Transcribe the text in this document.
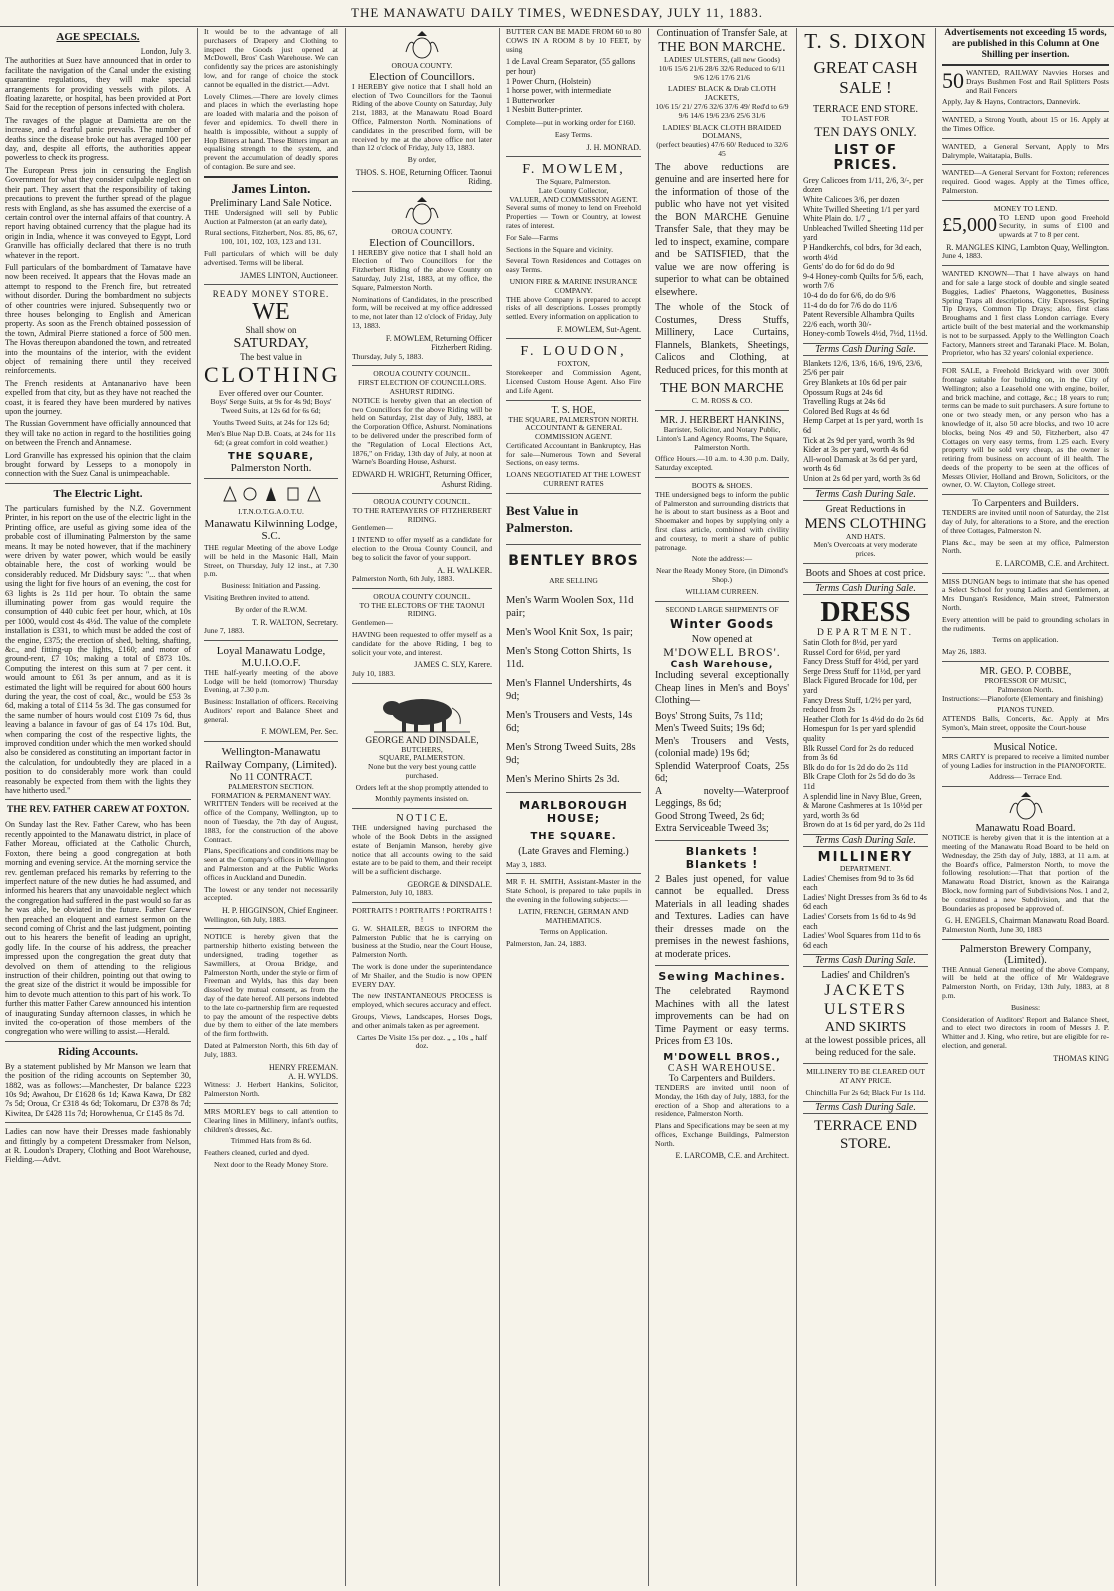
THE MANAWATU DAILY TIMES, WEDNESDAY, JULY 11, 1883.
AGE SPECIALS.

London, July 3.

The authorities at Suez have announced that in order to facilitate the navigation of the Canal under the existing quarantine regulations, they will make special arrangements for providing vessels with pilots. A floating lazarette, or hospital, has been provided at Port Said for the reception of persons infected with cholera.

The ravages of the plague at Damietta are on the increase, and a fearful panic prevails. The number of deaths since the disease broke out has averaged 100 per day, and, despite all efforts, the authorities appear powerless to check its progress.

The European Press join in censuring the English Government for what they consider culpable neglect on their part. They assert that the responsibility of taking precautions to prevent the further spread of the plague rests with England, as she has assumed the exercise of a certain control over the internal affairs of that country. A report having obtained currency that the plague had its origin in India, whence it was conveyed to Egypt, Lord Granville has officially declared that there is no truth whatever in the report.

Full particulars of the bombardment of Tamatave have now been received. It appears that the Hovas made an attempt to respond to the French fire, but retreated without disorder. During the bombardment no subjects of other countries were injured. Subsequently two or three houses belonging to English and American property. As soon as the French obtained possession of the town, Admiral Pierre stationed a force of 500 men. The Hovas thereupon abandoned the town, and retreated into the mountains of the interior, with the evident object of remaining there until they received reinforcements.

The French residents at Antananarivo have been expelled from that city, but as they have not reached the coast, it is feared they have been murdered by natives upon the journey.

The Russian Government have officially announced that they will take no action in regard to the hostilities going on between the French and Annamese.

Lord Granville has expressed his opinion that the claim brought forward by Lesseps to a monopoly in connection with the Suez Canal is unimpeachable.

The Electric Light.

The particulars furnished by the N.Z. Government Printer, in his report on the use of the electric light in the Printing office, are useful as giving some idea of the probable cost of illuminating Palmerston by the same means. It may be noted however, that if the machinery were driven by water power, which would be easily obtainable here, the cost of working would be considerably reduced. Mr Didsbury says: "... that when using the light for five hours of an evening, the cost for 63 lights is 2s 11d per hour. To obtain the same illuminating power from gas would require the consumption of 440 cubic feet per hour, which, at 10s per 1000, would cost 4s 4½d. The value of the complete installation is £331, to which must be added the cost of the engine, £375; the erection of shed, belting, shafting, &c., and fitting-up the lights, £160; and motor of ground-rent, £7 10s; making a total of £873 10s. Computing the interest on this sum at 7 per cent. it would amount to £61 3s per annum, and as it is estimated the light will be required for about 600 hours during the year, the cost of coal, &c., would be £53 3s 6d, making a total of £114 5s 3d. The gas consumed for the same number of hours would cost £109 7s 6d, thus leaving a balance in favour of gas of £4 17s 10d. But, when comparing the cost of the respective lights, the improved condition under which the men worked should also be considered as constituting an important factor in the calculation, for undoubtedly they are placed in a position to do considerably more work than could reasonably be expected from them with the lights they have hitherto used."

THE REV. FATHER CAREW AT FOXTON.

On Sunday last the Rev. Father Carew, who has been recently appointed to the Manawatu district, in place of Father Moreau, officiated at the Catholic Church, Foxton, there being a good congregation at both morning and evening service. At the morning service the rev. gentleman prefaced his remarks by referring to the imperfect nature of the new duties he had assumed, and informed his hearers that any unavoidable neglect which the congregation had suffered in the past would so far as he was able, be obviated in the future. Father Carew then preached an eloquent and earnest sermon on the second coming of Christ and the last judgment, pointing out to his hearers the benefit of leading an upright, godly life. In the course of his address, the preacher impressed upon the congregation the great duty that devolved on them of attending to the religious instruction of their children, pointing out that owing to the great size of the district it would be impossible for him to devote much attention to this part of his work. To further this matter Father Carew announced his intention of inaugurating Sunday afternoon classes, in which he invited the co-operation of those members of the congregation who were willing to assist.—Herald.

Riding Accounts.

By a statement published by Mr Manson we learn that the position of the riding accounts on September 30, 1882, was as follows:—Manchester, Dr balance £223 10s 9d; Awahou, Dr £1628 6s 1d; Kawa Kawa, Dr £82 7s 5d; Oroua, Cr £318 4s 6d; Tokomaru, Dr £378 8s 7d; Kiwitea, Dr £428 11s 7d; Horowhenua, Cr £145 8s 7d.

Ladies can now have their Dresses made fashionably and fittingly by a competent Dressmaker from Nelson, at R. Loudon's Drapery, Clothing and Boot Warehouse, Fielding.—Advt.

It would be to the advantage of all purchasers of Drapery and Clothing to inspect the Goods just opened at McDowell, Bros' Cash Warehouse. We can confidently say the prices are astonishingly low, and for range of choice the stock cannot be equalled in the district.—Advt.

Lovely Climes.—There are lovely climes and places in which the everlasting hope are loaded with malaria and the poison of fever and epidemics. To dwell there in health is impossible, without a supply of Hop Bitters at hand. These Bitters impart an equalising strength to the system, and prevent the accumulation of deadly spores of contagion. Be sure and see.

James Linton.
Preliminary Land Sale Notice.

THE Undersigned will sell by Public Auction at Palmerston (at an early date),

Rural sections, Fitzherbert, Nos. 85, 86, 67, 100, 101, 102, 103, 123 and 131.

Full particulars of which will be duly advertised. Terms will be liberal.

JAMES LINTON, Auctioneer.

READY MONEY STORE.
WE
Shall show on
SATURDAY,
The best value in
CLOTHING
Ever offered over our Counter.

Boys' Serge Suits, at 9s for 4s 9d; Boys' Tweed Suits, at 12s 6d for 6s 6d;

Youths Tweed Suits, at 24s for 12s 6d;

Men's Blue Nap D.B. Coats, at 24s for 11s 6d; (a great comfort in cold weather.)

THE SQUARE,
Palmerston North.
I.T.N.O.T.G.A.O.T.U.
Manawatu Kilwinning Lodge, S.C.

THE regular Meeting of the above Lodge will be held in the Masonic Hall, Main Street, on Thursday, July 12 inst., at 7.30 p.m.

Business: Initiation and Passing.

Visiting Brethren invited to attend.

By order of the R.W.M.

T. R. WALTON, Secretary.

June 7, 1883.

Loyal Manawatu Lodge, M.U.I.O.O.F.

THE half-yearly meeting of the above Lodge will be held (tomorrow) Thursday Evening, at 7.30 p.m.

Business: Installation of officers. Receiving Auditors' report and Balance Sheet and general.

F. MOWLEM, Per. Sec.

Wellington-Manawatu Railway Company, (Limited).
No 11 CONTRACT.
PALMERSTON SECTION.
FORMATION & PERMANENT WAY.

WRITTEN Tenders will be received at the office of the Company, Wellington, up to noon of Tuesday, the 7th day of August, 1883, for the construction of the above Contract.

Plans, Specifications and conditions may be seen at the Company's offices in Wellington and Palmerston and at the Public Works offices in Auckland and Dunedin.

The lowest or any tender not necessarily accepted.

H. P. HIGGINSON, Chief Engineer.

Wellington, 6th July, 1883.

NOTICE is hereby given that the partnership hitherto existing between the undersigned, trading together as Sawmillers, at Oroua Bridge, and Palmerston North, under the style or firm of Freeman and Wylds, has this day been dissolved by mutual consent, as from the day of the date hereof. All persons indebted to the late co-partnership firm are requested to pay the amount of the respective debts due by them to either of the late members of the firm forthwith.

Dated at Palmerston North, this 6th day of July, 1883.

HENRY FREEMAN.

A. H. WYLDS.

Witness: J. Herbert Hankins, Solicitor, Palmerston North.

MRS MORLEY begs to call attention to Clearing lines in Millinery, infant's outfits, children's dresses, &c.

Trimmed Hats from 8s 6d.

Feathers cleaned, curled and dyed.

Next door to the Ready Money Store.

OROUA COUNTY.
Election of Councillors.

I HEREBY give notice that I shall hold an election of Two Councillors for the Taonui Riding of the above County on Saturday, July 21st, 1883, at the Manawatu Road Board Office, Palmerston North. Nominations of candidates in the prescribed form, will be received by me at the above office not later than 12 o'clock of Friday, July 13, 1883.

By order,

THOS. S. HOE, Returning Officer. Taonui Riding.

OROUA COUNTY.
Election of Councillors.

I HEREBY give notice that I shall hold an Election of Two Councillors for the Fitzherbert Riding of the above County on Saturday, July 21st, 1883, at my office, the Square, Palmerston North.

Nominations of Candidates, in the prescribed form, will be received at my office addressed to me, not later than 12 o'clock of Friday, July 13, 1883.

F. MOWLEM, Returning Officer Fitzherbert Riding.

Thursday, July 5, 1883.

OROUA COUNTY COUNCIL.
FIRST ELECTION OF COUNCILLORS.
ASHURST RIDING.

NOTICE is hereby given that an election of two Councillors for the above Riding will be held on Saturday, 21st day of July, 1883, at the Corporation Office, Ashurst. Nominations to be delivered under the prescribed form of the "Regulation of Local Elections Act, 1876," on Friday, 13th day of July, at noon at Warne's Boarding House, Ashurst.

EDWARD H. WRIGHT, Returning Officer, Ashurst Riding.

OROUA COUNTY COUNCIL.
TO THE RATEPAYERS OF FITZHERBERT RIDING.

Gentlemen—

I INTEND to offer myself as a candidate for election to the Oroua County Council, and beg to solicit the favor of your support.

A. H. WALKER.

Palmerston North, 6th July, 1883.

OROUA COUNTY COUNCIL.
TO THE ELECTORS OF THE TAONUI RIDING.

Gentlemen—

HAVING been requested to offer myself as a candidate for the above Riding, I beg to solicit your vote, and interest.

JAMES C. SLY, Karere.

July 10, 1883.

GEORGE AND DINSDALE,
BUTCHERS,
SQUARE, PALMERSTON.

None but the very best young cattle purchased.

Orders left at the shop promptly attended to

Monthly payments insisted on.

N O T I C E.

THE undersigned having purchased the whole of the Book Debts in the assigned estate of Benjamin Manson, hereby give notice that all accounts owing to the said estate are to be paid to them, and their receipt will be a sufficient discharge.

GEORGE & DINSDALE.

Palmerston, July 10, 1883.

PORTRAITS ! PORTRAITS ! PORTRAITS ! !

G. W. SHAILER, BEGS to INFORM the Palmerston Public that he is carrying on business at the Studio, near the Court House, Palmerston North.

The work is done under the superintendance of Mr Shailer, and the Studio is now OPEN EVERY DAY.

The new INSTANTANEOUS PROCESS is employed, which secures accuracy and effect.

Groups, Views, Landscapes, Horses Dogs, and other animals taken as per agreement.

Cartes De Visite 15s per doz. „ „ 10s „ half doz.

BUTTER CAN BE MADE FROM 60 to 80 COWS IN A ROOM 8 by 10 FEET, by using

1 de Laval Cream Separator, (55 gallons per hour)
1 Power Churn, (Holstein)
1 horse power, with intermediate
1 Butterworker
1 Nesbitt Butter-printer.

Complete—put in working order for £160.

Easy Terms.

J. H. MONRAD.

F. MOWLEM,
The Square, Palmerston.
Late County Collector,
VALUER, AND COMMISSION AGENT.

Several sums of money to lend on Freehold Properties — Town or Country, at lowest rates of interest.

For Sale—Farms

Sections in the Square and vicinity.

Several Town Residences and Cottages on easy Terms.

UNION FIRE & MARINE INSURANCE COMPANY.

THE above Company is prepared to accept risks of all descriptions. Losses promptly settled. Every information on application to

F. MOWLEM, Sut-Agent.

F. LOUDON,
FOXTON,

Storekeeper and Commission Agent, Licensed Custom House Agent. Also Fire and Life Agent.

T. S. HOE,
THE SQUARE, PALMERSTON NORTH.
ACCOUNTANT & GENERAL COMMISSION AGENT.

Certificated Accountant in Bankruptcy, Has for sale—Numerous Town and Several Sections, on easy terms.

LOANS NEGOTIATED AT THE LOWEST CURRENT RATES
Best Value in Palmerston.
BENTLEY BROS
ARE SELLING

Men's Warm Woolen Sox, 11d pair;

Men's Wool Knit Sox, 1s pair;

Men's Stong Cotton Shirts, 1s 11d.

Men's Flannel Undershirts, 4s 9d;

Men's Trousers and Vests, 14s 6d;

Men's Strong Tweed Suits, 28s 9d;

Men's Merino Shirts 2s 3d.

MARLBOROUGH HOUSE;
THE SQUARE.
(Late Graves and Fleming.)

May 3, 1883.

MR F. H. SMITH, Assistant-Master in the State School, is prepared to take pupils in the evening in the following subjects:—

LATIN, FRENCH, GERMAN AND MATHEMATICS.

Terms on Application.

Palmerston, Jan. 24, 1883.

Continuation of Transfer Sale, at
THE BON MARCHE.
LADIES' ULSTERS, (all new Goods)

10/6 15/6 21/6 28/6 32/6 Reduced to 6/11 9/6 12/6 17/6 21/6

LADIES' BLACK & Drab CLOTH JACKETS,

10/6 15/ 21/ 27/6 32/6 37/6 49/ Red'd to 6/9 9/6 14/6 19/6 23/6 25/6 31/6

LADIES' BLACK CLOTH BRAIDED DOLMANS,

(perfect beauties) 47/6 60/ Reduced to 32/6 45

The above reductions are genuine and are inserted here for the information of those of the public who have not yet visited the BON MARCHE Genuine Transfer Sale, that they may be led to inspect, examine, compare and be SATISFIED, that the value we are now offering is superior to what can be obtained elsewhere.

The whole of the Stock of Costumes, Dress Stuffs, Millinery, Lace Curtains, Flannels, Blankets, Sheetings, Calicos and Clothing, at Reduced prices, for this month at

THE BON MARCHE
C. M. ROSS & CO.
MR. J. HERBERT HANKINS,
Barrister, Solicitor, and Notary Public,

Linton's Land Agency Rooms, The Square, Palmerston North.

Office Hours.—10 a.m. to 4.30 p.m. Daily, Saturday excepted.

BOOTS & SHOES.

THE undersigned begs to inform the public of Palmerston and surrounding districts that he is about to start business as a Boot and Shoemaker and hopes by supplying only a first class article, combined with civility and courtesy, to merit a share of public patronage.

Note the address:—

Near the Ready Money Store, (in Dimond's Shop.)

WILLIAM CURREEN.

SECOND LARGE SHIPMENTS OF
Winter Goods
Now opened at
M'DOWELL BROS'.
Cash Warehouse,

Including several exceptionally Cheap lines in Men's and Boys' Clothing—

Boys' Strong Suits, 7s 11d;

Men's Tweed Suits; 19s 6d;

Men's Trousers and Vests, (colonial made) 19s 6d;

Splendid Waterproof Coats, 25s 6d;

A novelty—Waterproof Leggings, 8s 6d;

Good Strong Tweed, 2s 6d;

Extra Serviceable Tweed 3s;

Blankets ! Blankets !

2 Bales just opened, for value cannot be equalled. Dress Materials in all leading shades and Textures. Ladies can have their dresses made on the premises in the newest fashions, at moderate prices.

Sewing Machines.

The celebrated Raymond Machines with all the latest improvements can be had on Time Payment or easy terms. Prices from £3 10s.

M'DOWELL BROS.,
CASH WAREHOUSE.
To Carpenters and Builders.

TENDERS are invited until noon of Monday, the 16th day of July, 1883, for the erection of a Shop and alterations to a residence, Palmerston North.

Plans and Specifications may be seen at my offices, Exchange Buildings, Palmerston North.

E. LARCOMB, C.E. and Architect.

T. S. DIXON
GREAT CASH SALE !
TERRACE END STORE.
TO LAST FOR
TEN DAYS ONLY.
LIST OF PRICES.
Grey Calicoes from 1/11, 2/6, 3/-, per dozen
White Calicoes 3/6, per dozen
White Twilled Sheeting 1/1 per yard
White Plain do. 1/7 „
Unbleached Twilled Sheeting 11d per yard
P Handkerchfs, col bdrs, for 3d each, worth 4½d
Gents' do do for 6d do do 9d
9-4 Honey-comb Quilts for 5/6, each, worth 7/6
10-4 do do for 6/6, do do 9/6
11-4 do do for 7/6 do do 11/6
Patent Reversible Alhambra Quilts 22/6 each, worth 30/-
Honey-comb Towels 4½d, 7½d, 11½d.
Terms Cash During Sale.
Blankets 12/6, 13/6, 16/6, 19/6, 23/6, 25/6 per pair
Grey Blankets at 10s 6d per pair
Opossum Rugs at 24s 6d
Travelling Rugs at 24s 6d
Colored Bed Rugs at 4s 6d
Hemp Carpet at 1s per yard, worth 1s 6d
Tick at 2s 9d per yard, worth 3s 9d
Kider at 3s per yard, worth 4s 6d
All-wool Damask at 3s 6d per yard, worth 4s 6d
Union at 2s 6d per yard, worth 3s 6d
Terms Cash During Sale.
Great Reductions in
MENS CLOTHING
AND HATS.

Men's Overcoats at very moderate prices.

Boots and Shoes at cost price.
Terms Cash During Sale.
DRESS
DEPARTMENT.
Satin Cloth for 8½d, per yard
Russel Cord for 6½d, per yard
Fancy Dress Stuff for 4½d, per yard
Serge Dress Stuff for 11½d, per yard
Black Figured Brocade for 10d, per yard
Fancy Dress Stuff, 1/2½ per yard, reduced from 2s
Heather Cloth for 1s 4½d do do 2s 6d
Homespun for 1s per yard splendid quality
Blk Russel Cord for 2s do reduced from 3s 6d
Blk do do for 1s 2d do do 2s 11d
Blk Crape Cloth for 2s 5d do do 3s 11d
A splendid line in Navy Blue, Green, & Marone Cashmeres at 1s 10½d per yard, worth 3s 6d
Brown do at 1s 6d per yard, do 2s 11d
Terms Cash During Sale.
MILLINERY
DEPARTMENT.
Ladies' Chemises from 9d to 3s 6d each
Ladies' Night Dresses from 3s 6d to 4s 6d each
Ladies' Corsets from 1s 6d to 4s 9d each
Ladies' Wool Squares from 11d to 6s 6d each
Terms Cash During Sale.
Ladies' and Children's
JACKETS
ULSTERS
AND SKIRTS

at the lowest possible prices, all being reduced for the sale.

MILLINERY TO BE CLEARED OUT AT ANY PRICE.

Chinchilla Fur 2s 6d; Black Fur 1s 11d.

Terms Cash During Sale.
TERRACE END STORE.
Advertisements not exceeding 15 words, are published in this Column at One Shilling per insertion.
50 WANTED, RAILWAY Navvies Horses and Drays Bushmen Fost and Rail Splitters Posts and Rail Fencers

Apply, Jay & Hayns, Contractors, Dannevirk.

WANTED, a Strong Youth, about 15 or 16. Apply at the Times Office.

WANTED, a General Servant, Apply to Mrs Dalrymple, Waitatapia, Bulls.

WANTED—A General Servant for Foxton; references required. Good wages. Apply at the Times office, Palmerston.

MONEY TO LEND.
£5,000 TO LEND upon good Freehold Security, in sums of £100 and upwards at 7 to 8 per cent.

R. MANGLES KING, Lambton Quay, Wellington.

June 4, 1883.

WANTED KNOWN—That I have always on hand and for sale a large stock of double and single seated Buggies, Ladies' Phaetons, Waggonettes, Business Spring Traps all descriptions, City Expresses, Spring Tip Drays, Common Tip Drays; also, first class Broughams and 1 first class London carriage. Every article built of the best material and the workmanship is not to be surpassed. Apply to the Wellington Coach Factory, Manners street and Taranaki Place. M. Bolan, Proprietor, who has 32 years' colonial experience.

FOR SALE, a Freehold Brickyard with over 300ft frontage suitable for building on, in the City of Wellington; also a Leasehold one with engine, boiler, and brick machine, and cottage, &c.; 18 years to run; terms can be made to suit purchasers. A sure fortune to one or two steady men, or any person who has a knowledge of it, also 50 acre blocks, and two 10 acre blocks, being Nos 49 and 50, Fitzherbert, also 47 Cottages on very easy terms, from 1.25 each. Every property will be sold very cheap, as the owner is retiring from business on account of ill health. The deeds of the property to be seen at the offices of Messrs Olivier, Holland and Brown, Solicitors, or the owner, O. W. Clayton, College street.

To Carpenters and Builders.

TENDERS are invited until noon of Saturday, the 21st day of July, for alterations to a Store, and the erection of three Cottages, Palmerston N.

Plans &c., may be seen at my office, Palmerston North.

E. LARCOMB, C.E. and Architect.

MISS DUNGAN begs to intimate that she has opened a Select School for young Ladies and Gentlemen, at Mrs Dungan's Residence, Main street, Palmerston North.

Every attention will be paid to grounding scholars in the rudiments.

Terms on application.

May 26, 1883.

MR. GEO. P. COBBE,
PROFESSOR OF MUSIC,
Palmerston North.

Instructions:—Pianoforte (Elementary and finishing)

PIANOS TUNED.

ATTENDS Balls, Concerts, &c. Apply at Mrs Symon's, Main street, opposite the Court-house

Musical Notice.

MRS CARTY is prepared to receive a limited number of young Ladies for instruction in the PIANOFORTE.

Address— Terrace End.

Manawatu Road Board.

NOTICE is hereby given that it is the intention at a meeting of the Manawatu Road Board to be held on Wednesday, the 25th day of July, 1883, at 11 a.m. at the Board's office, Palmerston North, to move the following resolution:—That that portion of the Manawatu Road District, known as the Kairanga Block, now forming part of Subdivisions Nos. 1 and 2, be constituted a new Subdivision, and that the Boundaries as proposed be approved of.

G. H. ENGELS, Chairman Manawatu Road Board.

Palmerston North, June 30, 1883

Palmerston Brewery Company, (Limited).

THE Annual General meeting of the above Company, will be held at the office of Mr Waldegrave Palmerston North, on Friday, 13th July, 1883, at 8 p.m.

Business:

Consideration of Auditors' Report and Balance Sheet, and to elect two directors in room of Messrs J. P. Whitter and J. King, who retire, but are eligible for re-election, and general.

THOMAS KING
